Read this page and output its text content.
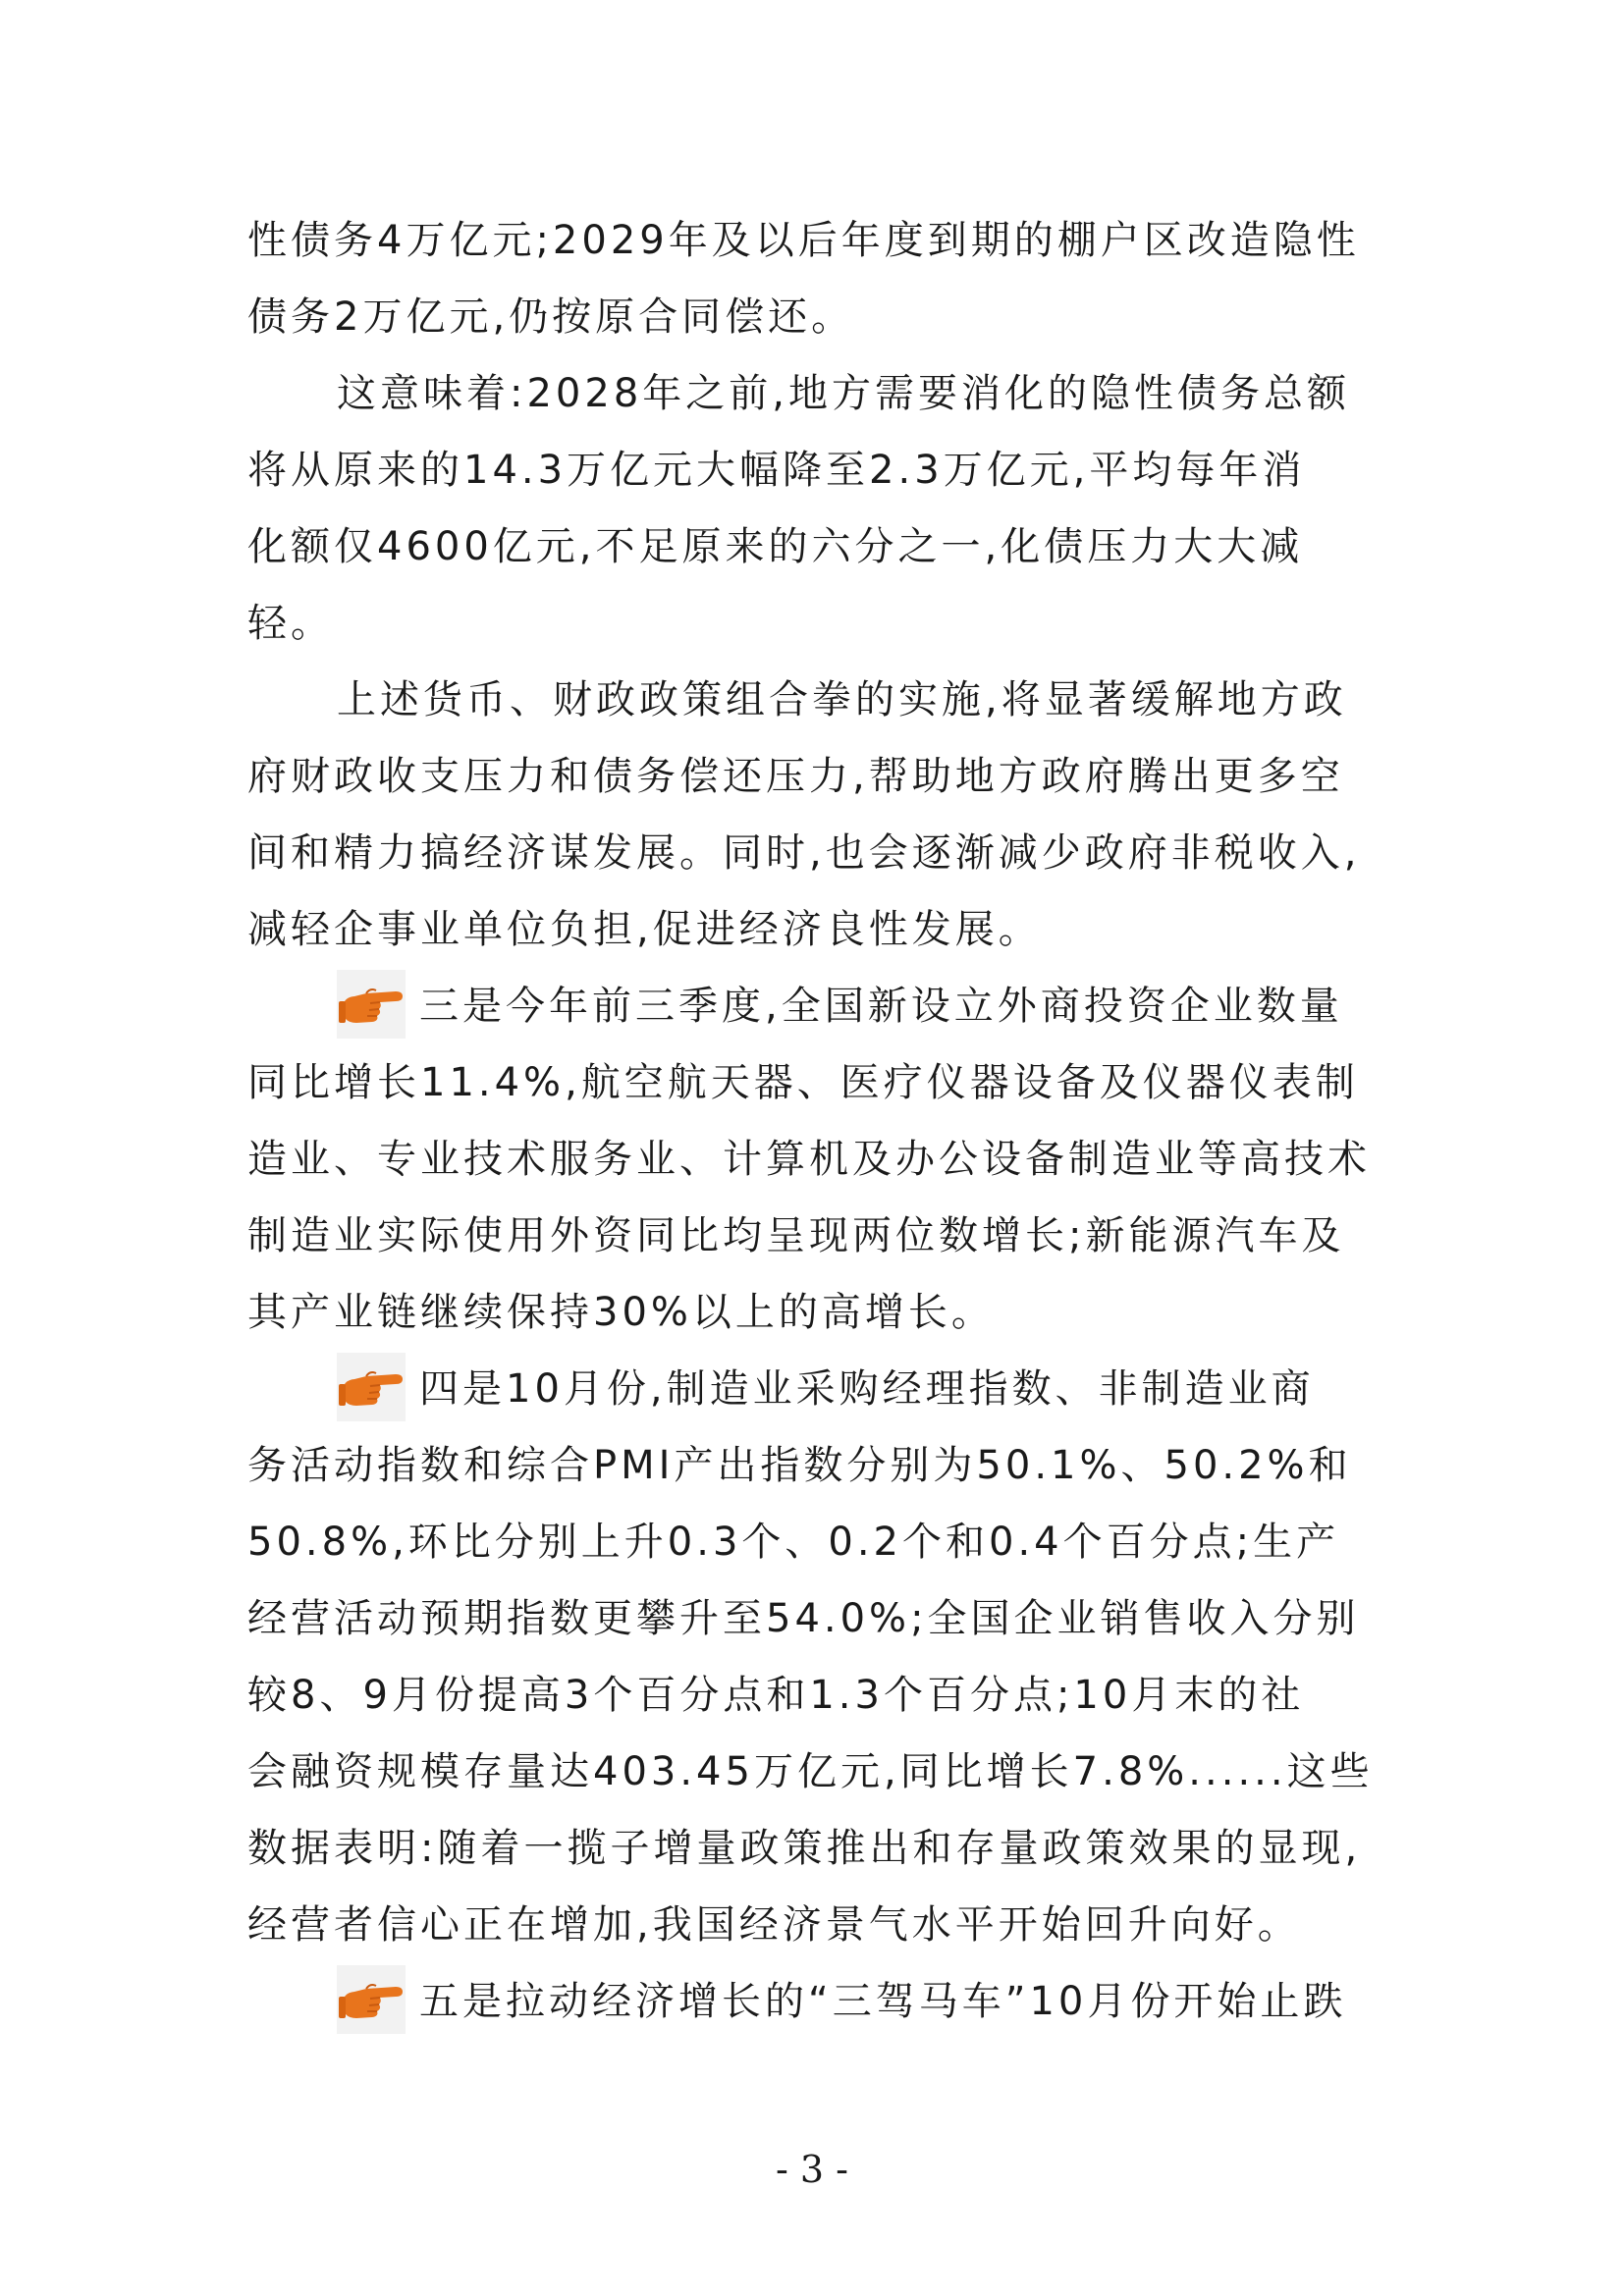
性债务4万亿元;2029年及以后年度到期的棚户区改造隐性
债务2万亿元,仍按原合同偿还。
这意味着:2028年之前,地方需要消化的隐性债务总额
将从原来的14.3万亿元大幅降至2.3万亿元,平均每年消
化额仅4600亿元,不足原来的六分之一,化债压力大大减
轻。
上述货币、财政政策组合拳的实施,将显著缓解地方政
府财政收支压力和债务偿还压力,帮助地方政府腾出更多空
间和精力搞经济谋发展。同时,也会逐渐减少政府非税收入,
减轻企事业单位负担,促进经济良性发展。
三是今年前三季度,全国新设立外商投资企业数量
同比增长11.4%,航空航天器、医疗仪器设备及仪器仪表制
造业、专业技术服务业、计算机及办公设备制造业等高技术
制造业实际使用外资同比均呈现两位数增长;新能源汽车及
其产业链继续保持30%以上的高增长。
四是10月份,制造业采购经理指数、非制造业商
务活动指数和综合PMI产出指数分别为50.1%、50.2%和
50.8%,环比分别上升0.3个、0.2个和0.4个百分点;生产
经营活动预期指数更攀升至54.0%;全国企业销售收入分别
较8、9月份提高3个百分点和1.3个百分点;10月末的社
会融资规模存量达403.45万亿元,同比增长7.8%......这些
数据表明:随着一揽子增量政策推出和存量政策效果的显现,
经营者信心正在增加,我国经济景气水平开始回升向好。
五是拉动经济增长的“三驾马车”10月份开始止跌
- 3 -
